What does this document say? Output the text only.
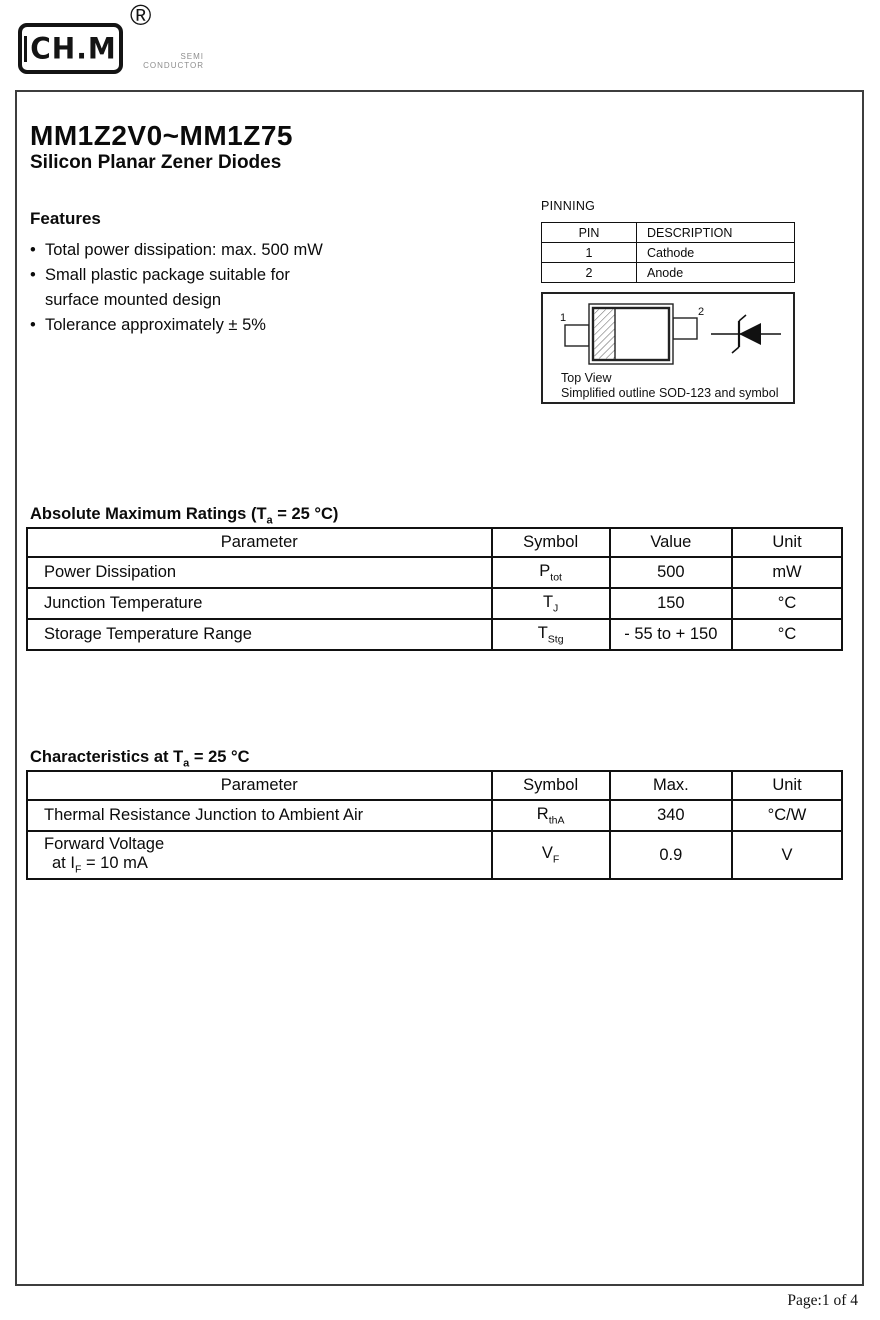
CH.M
®
SEMI
CONDUCTOR
MM1Z2V0~MM1Z75
Silicon Planar Zener Diodes
Features
• Total power dissipation: max. 500 mW
• Small plastic package suitable for
surface mounted design
• Tolerance approximately ± 5%
PINNING
PIN	DESCRIPTION
1	Cathode
2	Anode
1	2
Top View
Simplified outline SOD-123 and symbol
Absolute Maximum Ratings ($T_a = 25$ °C)
Parameter	Symbol	Value	Unit
Power Dissipation	$P_{tot}$	500	mW
Junction Temperature	$T_J$	150	°C
Storage Temperature Range	$T_{Stg}$	- 55 to + 150	°C
Characteristics at $T_a = 25$ °C
Parameter	Symbol	Max.	Unit
Thermal Resistance Junction to Ambient Air	$R_{thA}$	340	°C/W

Forward Voltage
at $I_F = 10$ mA	$V_F$	0.9	V
Page:1 of 4
